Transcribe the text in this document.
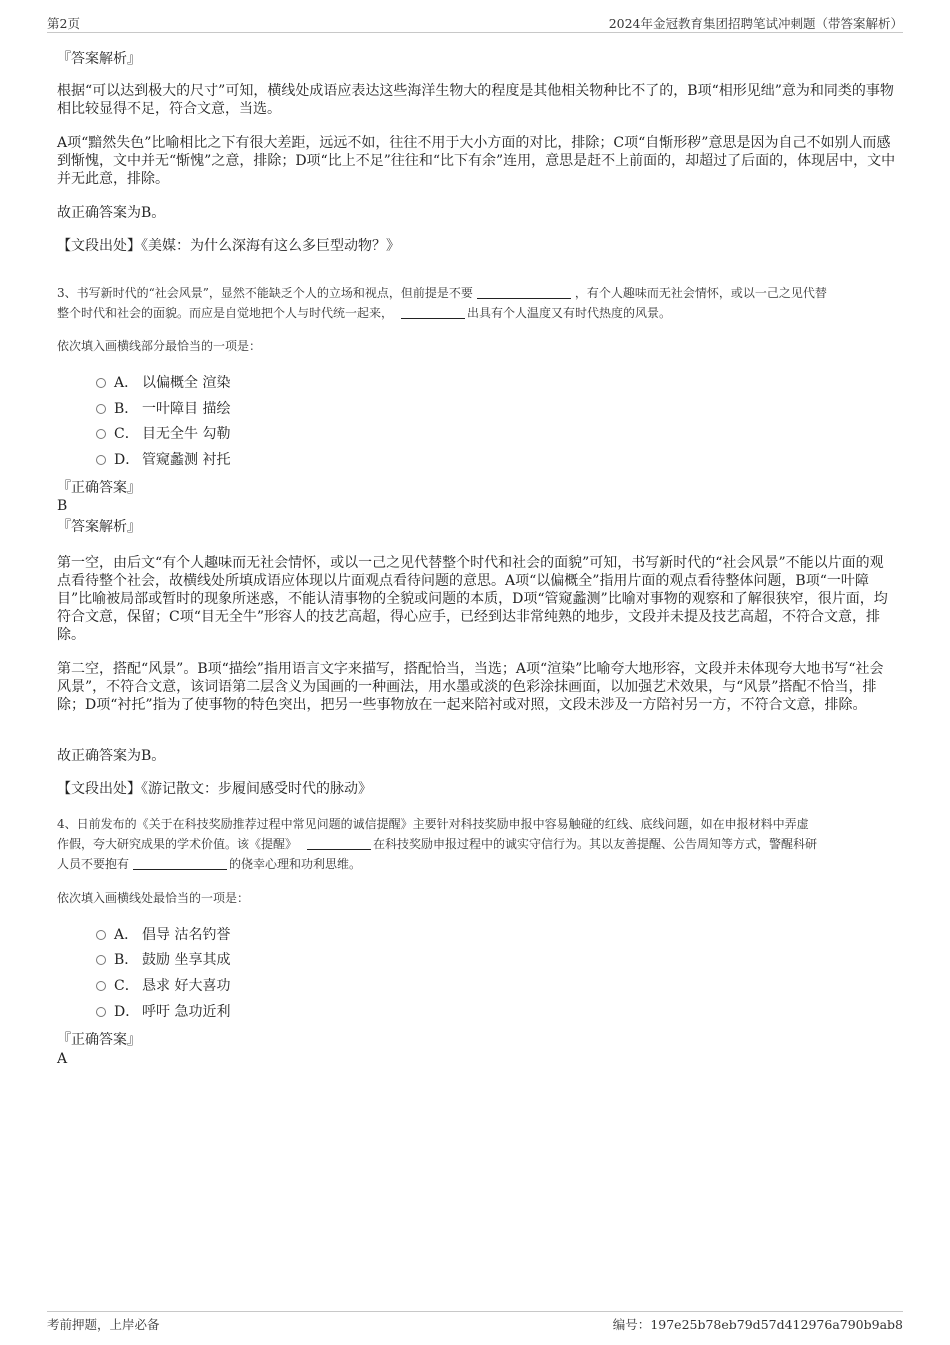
第2页	2024年金冠教育集团招聘笔试冲刺题（带答案解析）
『答案解析』
根据“可以达到极大的尺寸”可知，横线处成语应表达这些海洋生物大的程度是其他相关物种比不了的，B项“相形见绌”意为和同类的事物相比较显得不足，符合文意，当选。
A项“黯然失色”比喻相比之下有很大差距，远远不如，往往不用于大小方面的对比，排除；C项“自惭形秽”意思是因为自己不如别人而感到惭愧，文中并无“惭愧”之意，排除；D项“比上不足”往往和“比下有余”连用，意思是赶不上前面的，却超过了后面的，体现居中，文中并无此意，排除。
故正确答案为B。
【文段出处】《美媒：为什么深海有这么多巨型动物？》
3、书写新时代的“社会风景”，显然不能缺乏个人的立场和视点，但前提是不要	，有个人趣味而无社会情怀，或以一己之见代替
整个时代和社会的面貌。而应是自觉地把个人与时代统一起来，	出具有个人温度又有时代热度的风景。
依次填入画横线部分最恰当的一项是：
A． 以偏概全 渲染
B． 一叶障目 描绘
C． 目无全牛 勾勒
D． 管窥蠡测 衬托
『正确答案』
B
『答案解析』
第一空，由后文“有个人趣味而无社会情怀，或以一己之见代替整个时代和社会的面貌”可知，书写新时代的“社会风景”不能以片面的观点看待整个社会，故横线处所填成语应体现以片面观点看待问题的意思。A项“以偏概全”指用片面的观点看待整体问题，B项“一叶障目”比喻被局部或暂时的现象所迷惑，不能认清事物的全貌或问题的本质，D项“管窥蠡测”比喻对事物的观察和了解很狭窄，很片面，均符合文意，保留；C项“目无全牛”形容人的技艺高超，得心应手，已经到达非常纯熟的地步，文段并未提及技艺高超，不符合文意，排除。
第二空，搭配“风景”。B项“描绘”指用语言文字来描写，搭配恰当，当选；A项“渲染”比喻夸大地形容，文段并未体现夸大地书写“社会风景”，不符合文意，该词语第二层含义为国画的一种画法，用水墨或淡的色彩涂抹画面，以加强艺术效果，与“风景”搭配不恰当，排除；D项“衬托”指为了使事物的特色突出，把另一些事物放在一起来陪衬或对照，文段未涉及一方陪衬另一方，不符合文意，排除。
故正确答案为B。
【文段出处】《游记散文：步履间感受时代的脉动》
4、日前发布的《关于在科技奖励推荐过程中常见问题的诚信提醒》主要针对科技奖励申报中容易触碰的红线、底线问题，如在申报材料中弄虚
作假，夸大研究成果的学术价值。该《提醒》	在科技奖励申报过程中的诚实守信行为。其以友善提醒、公告周知等方式，警醒科研
人员不要抱有	的侥幸心理和功利思维。
依次填入画横线处最恰当的一项是：
A． 倡导 沽名钓誉
B． 鼓励 坐享其成
C． 恳求 好大喜功
D． 呼吁 急功近利
『正确答案』
A
考前押题，上岸必备	编号：197e25b78eb79d57d412976a790b9ab8
